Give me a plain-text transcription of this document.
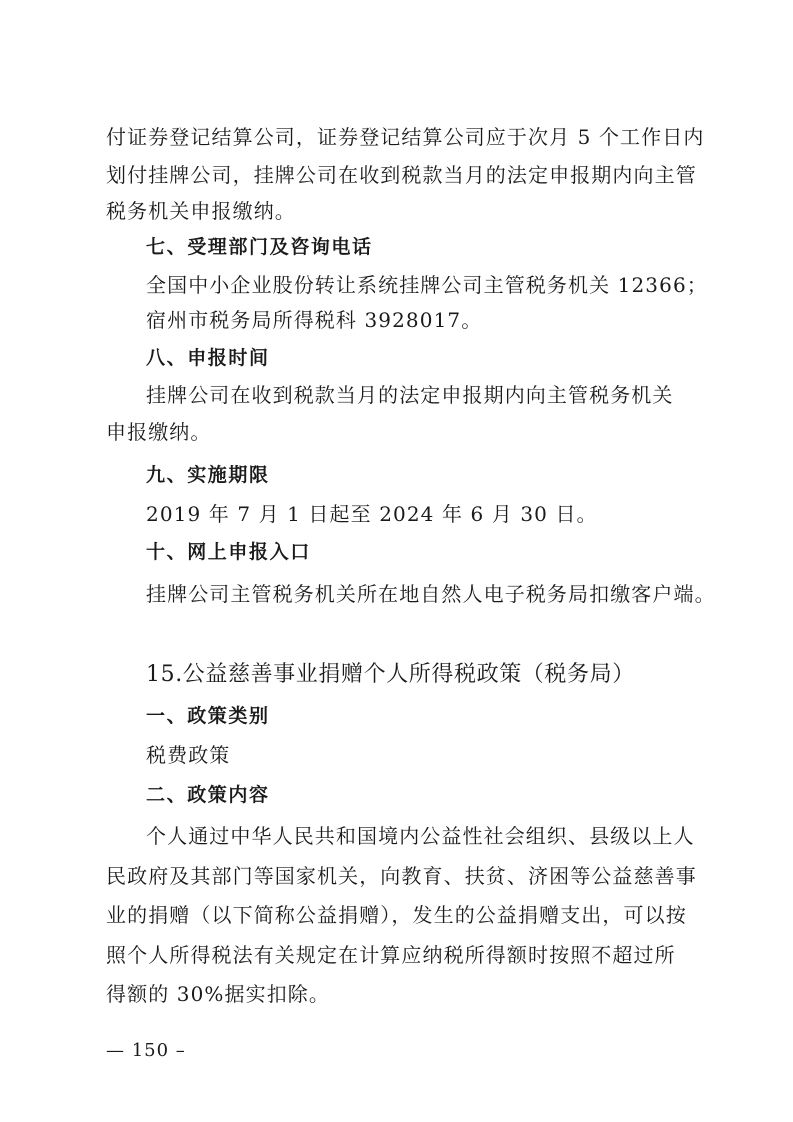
付证券登记结算公司，证券登记结算公司应于次月 5 个工作日内
划付挂牌公司，挂牌公司在收到税款当月的法定申报期内向主管
税务机关申报缴纳。
七、受理部门及咨询电话
全国中小企业股份转让系统挂牌公司主管税务机关 12366；
宿州市税务局所得税科 3928017。
八、申报时间
挂牌公司在收到税款当月的法定申报期内向主管税务机关
申报缴纳。
九、实施期限
2019 年 7 月 1 日起至 2024 年 6 月 30 日。
十、网上申报入口
挂牌公司主管税务机关所在地自然人电子税务局扣缴客户端。
15.公益慈善事业捐赠个人所得税政策（税务局）
一、政策类别
税费政策
二、政策内容
个人通过中华人民共和国境内公益性社会组织、县级以上人
民政府及其部门等国家机关，向教育、扶贫、济困等公益慈善事
业的捐赠（以下简称公益捐赠），发生的公益捐赠支出，可以按
照个人所得税法有关规定在计算应纳税所得额时按照不超过所
得额的 30%据实扣除。
— 150 –
